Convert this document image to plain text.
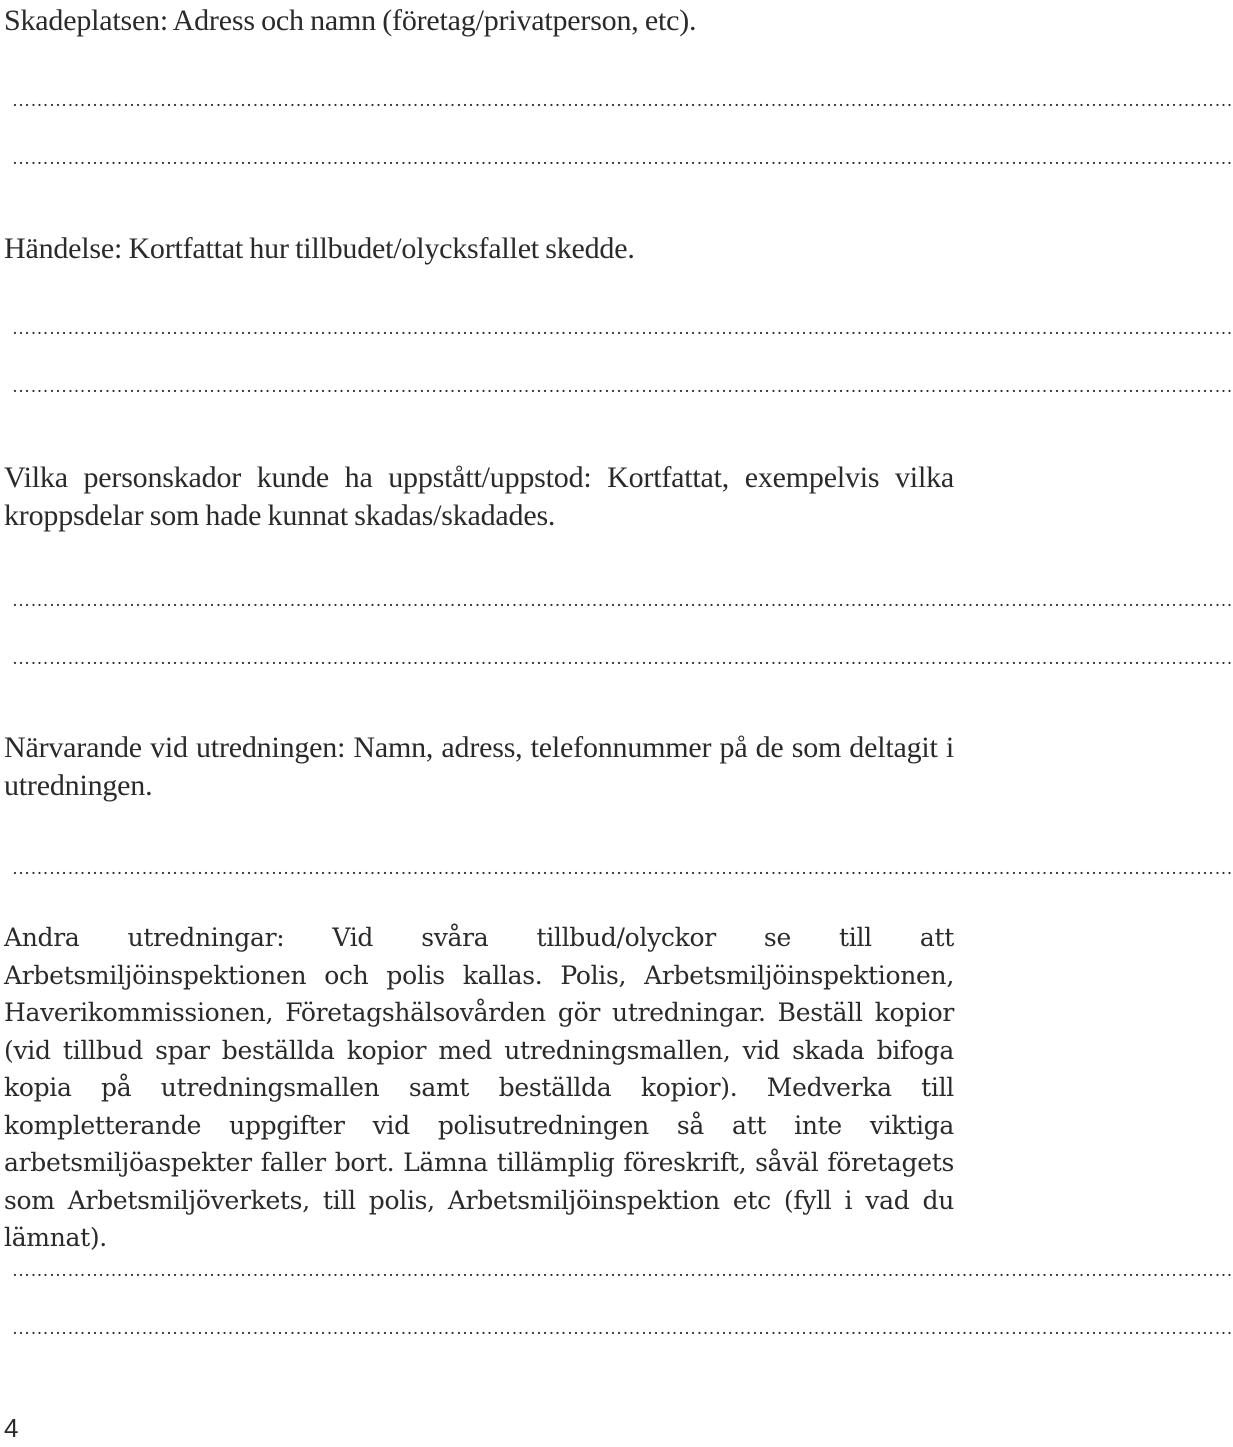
Skadeplatsen: Adress och namn (företag/privatperson, etc).

………………………………………………………………………………………………………………………………………………………………………………
………………………………………………………………………………………………………………………………………………………………………………

Händelse: Kortfattat hur tillbudet/olycksfallet skedde.

………………………………………………………………………………………………………………………………………………………………………………
………………………………………………………………………………………………………………………………………………………………………………

Vilka personskador kunde ha uppstått/uppstod: Kortfattat, exempelvis vilka kroppsdelar som hade kunnat skadas/skadades.

………………………………………………………………………………………………………………………………………………………………………………
………………………………………………………………………………………………………………………………………………………………………………

Närvarande vid utredningen: Namn, adress, telefonnummer på de som deltagit i utredningen.

………………………………………………………………………………………………………………………………………………………………………………

Andra utredningar: Vid svåra tillbud/olyckor se till att Arbetsmiljöinspektionen och polis kallas. Polis, Arbetsmiljöinspektionen, Haverikommissionen, Företagshälsovården gör utredningar. Beställ kopior (vid tillbud spar beställda kopior med utredningsmallen, vid skada bifoga kopia på utredningsmallen samt beställda kopior). Medverka till kompletterande uppgifter vid polisutredningen så att inte viktiga arbetsmiljöaspekter faller bort. Lämna tillämplig föreskrift, såväl företagets som Arbetsmiljöverkets, till polis, Arbetsmiljöinspektion etc (fyll i vad du lämnat).

………………………………………………………………………………………………………………………………………………………………………………
………………………………………………………………………………………………………………………………………………………………………………

4
